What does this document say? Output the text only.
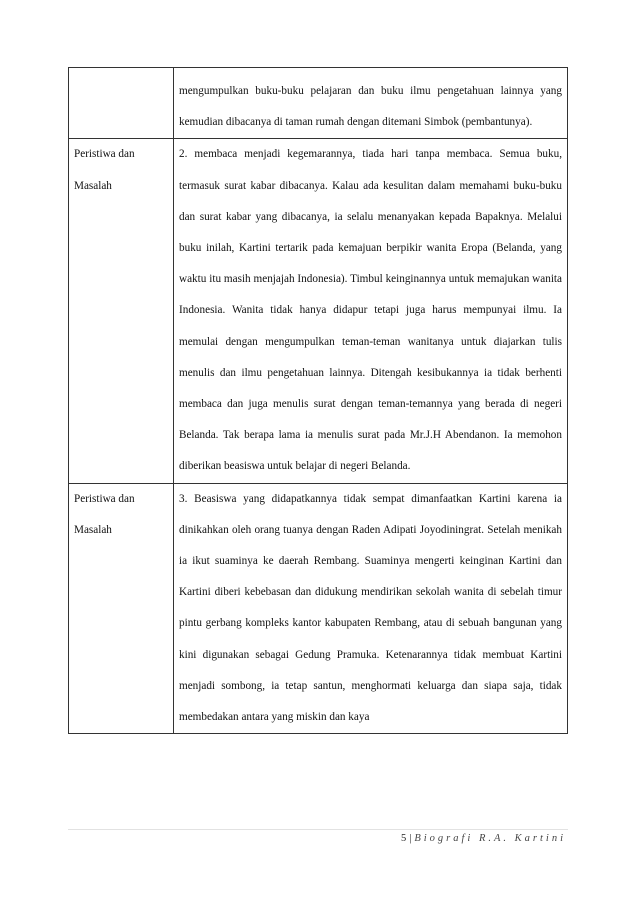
	mengumpulkan buku-buku pelajaran dan buku ilmu pengetahuan lainnya yang kemudian dibacanya di taman rumah dengan ditemani Simbok (pembantunya).

Peristiwa dan Masalah	2. membaca menjadi kegemarannya, tiada hari tanpa membaca. Semua buku, termasuk surat kabar dibacanya. Kalau ada kesulitan dalam memahami buku-buku dan surat kabar yang dibacanya, ia selalu menanyakan kepada Bapaknya. Melalui buku inilah, Kartini tertarik pada kemajuan berpikir wanita Eropa (Belanda, yang waktu itu masih menjajah Indonesia). Timbul keinginannya untuk memajukan wanita Indonesia. Wanita tidak hanya didapur tetapi juga harus mempunyai ilmu. Ia memulai dengan mengumpulkan teman-teman wanitanya untuk diajarkan tulis menulis dan ilmu pengetahuan lainnya. Ditengah kesibukannya ia tidak berhenti membaca dan juga menulis surat dengan teman-temannya yang berada di negeri Belanda. Tak berapa lama ia menulis surat pada Mr.J.H Abendanon. Ia memohon diberikan beasiswa untuk belajar di negeri Belanda.

Peristiwa dan Masalah	3. Beasiswa yang didapatkannya tidak sempat dimanfaatkan Kartini karena ia dinikahkan oleh orang tuanya dengan Raden Adipati Joyodiningrat. Setelah menikah ia ikut suaminya ke daerah Rembang. Suaminya mengerti keinginan Kartini dan Kartini diberi kebebasan dan didukung mendirikan sekolah wanita di sebelah timur pintu gerbang kompleks kantor kabupaten Rembang, atau di sebuah bangunan yang kini digunakan sebagai Gedung Pramuka. Ketenarannya tidak membuat Kartini menjadi sombong, ia tetap santun, menghormati keluarga dan siapa saja, tidak membedakan antara yang miskin dan kaya

5 | Biografi R.A. Kartini
